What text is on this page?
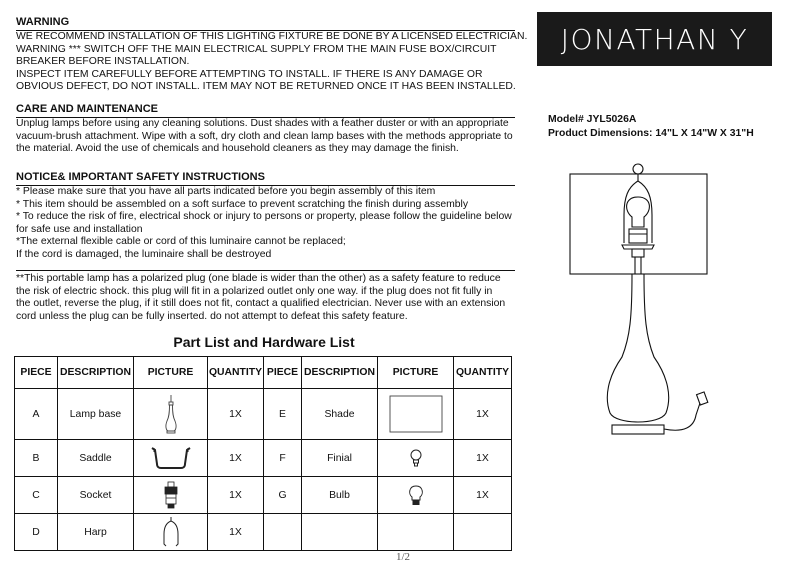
WARNING

WE RECOMMEND INSTALLATION OF THIS LIGHTING FIXTURE BE DONE BY A LICENSED ELECTRICIAN.

WARNING *** SWITCH OFF THE MAIN ELECTRICAL SUPPLY FROM THE MAIN FUSE BOX/CIRCUIT

BREAKER BEFORE INSTALLATION.

INSPECT ITEM CAREFULLY BEFORE ATTEMPTING TO INSTALL. IF THERE IS ANY DAMAGE OR

OBVIOUS DEFECT, DO NOT INSTALL. ITEM MAY NOT BE RETURNED ONCE IT HAS BEEN INSTALLED.

CARE AND MAINTENANCE

Unplug lamps before using any cleaning solutions. Dust shades with a feather duster or with an appropriate

vacuum-brush attachment. Wipe with a soft, dry cloth and clean lamp bases with the methods appropriate to

the material. Avoid the use of chemicals and household cleaners as they may damage the finish.

NOTICE& IMPORTANT SAFETY INSTRUCTIONS

* Please make sure that you have all parts indicated before you begin assembly of this item

* This item should be assembled on a soft surface to prevent scratching the finish during assembly

* To reduce the risk of fire, electrical shock or injury to persons or property, please follow the guideline below

for safe use and installation

*The external flexible cable or cord of this luminaire cannot be replaced;

If the cord is damaged, the luminaire shall be destroyed

**This portable lamp has a polarized plug (one blade is wider than the other) as a safety feature to reduce

the risk of electric shock. this plug will fit in a polarized outlet only one way. if the plug does not fit fully in

the outlet, reverse the plug, if it still does not fit, contact a qualified electrician. Never use with an extension

cord unless the plug can be fully inserted. do not attempt to defeat this safety feature.

JONATHAN Y
Model# JYL5026A
Product Dimensions: 14"L X 14"W X 31"H
Part List and Hardware List
PIECE	DESCRIPTION	PICTURE	QUANTITY	PIECE	DESCRIPTION	PICTURE	QUANTITY
A	Lamp base		1X	E	Shade		1X
B	Saddle		1X	F	Finial		1X
C	Socket		1X	G	Bulb		1X
D	Harp		1X				
1/2
